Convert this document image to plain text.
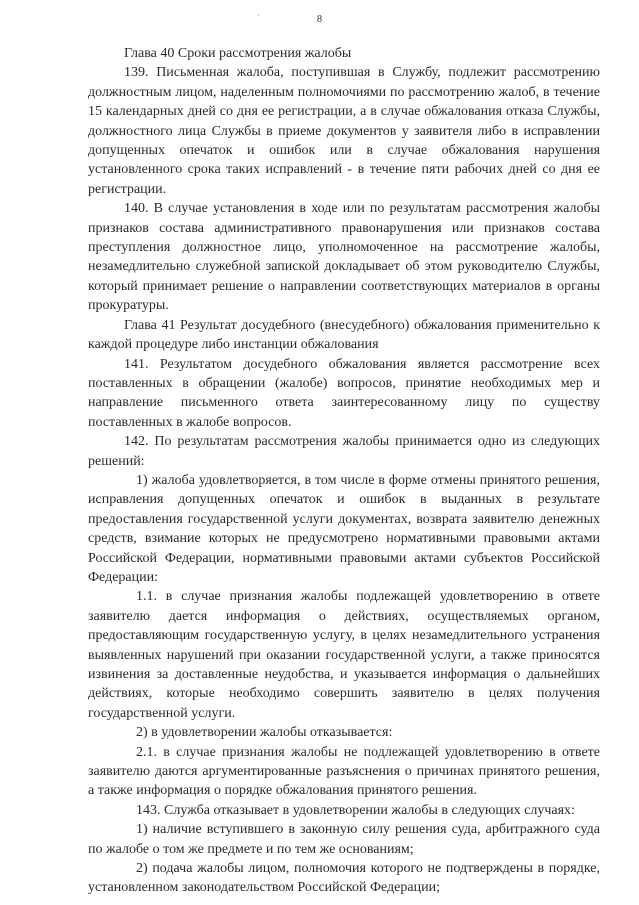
·	8

Глава 40 Сроки рассмотрения жалобы

139. Письменная жалоба, поступившая в Службу, подлежит рассмотрению должностным лицом, наделенным полномочиями по рассмотрению жалоб, в течение 15 календарных дней со дня ее регистрации, а в случае обжалования отказа Службы, должностного лица Службы в приеме документов у заявителя либо в исправлении допущенных опечаток и ошибок или в случае обжалования нарушения установленного срока таких исправлений - в течение пяти рабочих дней со дня ее регистрации.

140. В случае установления в ходе или по результатам рассмотрения жалобы признаков состава административного правонарушения или признаков состава преступления должностное лицо, уполномоченное на рассмотрение жалобы, незамедлительно служебной запиской докладывает об этом руководителю Службы, который принимает решение о направлении соответствующих материалов в органы прокуратуры.

Глава 41 Результат досудебного (внесудебного) обжалования применительно к каждой процедуре либо инстанции обжалования

141. Результатом досудебного обжалования является рассмотрение всех поставленных в обращении (жалобе) вопросов, принятие необходимых мер и направление письменного ответа заинтересованному лицу по существу поставленных в жалобе вопросов.

142. По результатам рассмотрения жалобы принимается одно из следующих решений:

1) жалоба удовлетворяется, в том числе в форме отмены принятого решения, исправления допущенных опечаток и ошибок в выданных в результате предоставления государственной услуги документах, возврата заявителю денежных средств, взимание которых не предусмотрено нормативными правовыми актами Российской Федерации, нормативными правовыми актами субъектов Российской Федерации:

1.1. в случае признания жалобы подлежащей удовлетворению в ответе заявителю дается информация о действиях, осуществляемых органом, предоставляющим государственную услугу, в целях незамедлительного устранения выявленных нарушений при оказании государственной услуги, а также приносятся извинения за доставленные неудобства, и указывается информация о дальнейших действиях, которые необходимо совершить заявителю в целях получения государственной услуги.

2) в удовлетворении жалобы отказывается:

2.1. в случае признания жалобы не подлежащей удовлетворению в ответе заявителю даются аргументированные разъяснения о причинах принятого решения, а также информация о порядке обжалования принятого решения.

143. Служба отказывает в удовлетворении жалобы в следующих случаях:

1) наличие вступившего в законную силу решения суда, арбитражного суда по жалобе о том же предмете и по тем же основаниям;

2) подача жалобы лицом, полномочия которого не подтверждены в порядке, установленном законодательством Российской Федерации;
